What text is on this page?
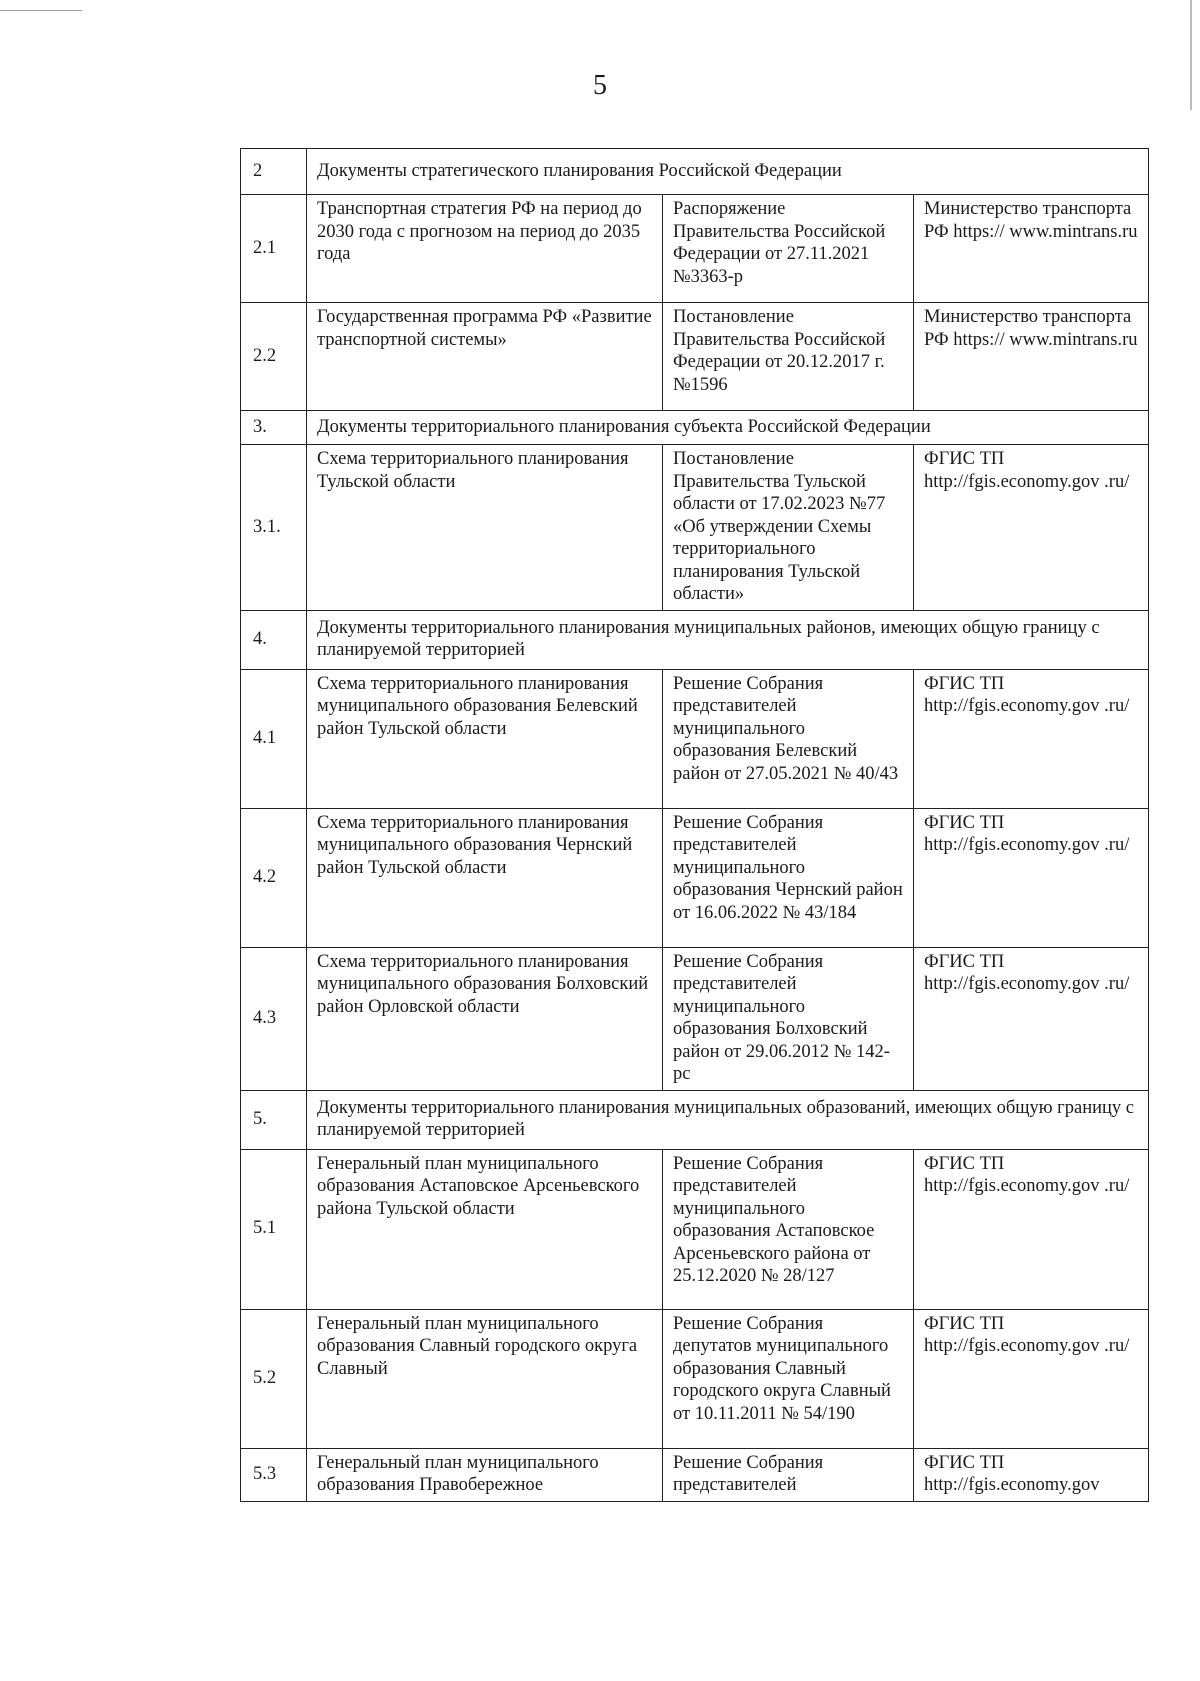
5
2	Документы стратегического планирования Российской Федерации		
2.1	Транспортная стратегия РФ на период до 2030 года с прогнозом на период до 2035 года	Распоряжение Правительства Российской Федерации от 27.11.2021 №3363-р	Министерство транспорта РФ https:// www.mintrans.ru
2.2	Государственная программа РФ «Развитие транспортной системы»	Постановление Правительства Российской Федерации от 20.12.2017 г. №1596	Министерство транспорта РФ https:// www.mintrans.ru
3.	Документы территориального планирования субъекта Российской Федерации		
3.1.	Схема территориального планирования Тульской области	Постановление Правительства Тульской области от 17.02.2023 №77 «Об утверждении Схемы территориального планирования Тульской области»	ФГИС ТП http://fgis.economy.gov .ru/
4.	Документы территориального планирования муниципальных районов, имеющих общую границу с планируемой территорией		
4.1	Схема территориального планирования муниципального образования Белевский район Тульской области	Решение Собрания представителей муниципального образования Белевский район от 27.05.2021 № 40/43	ФГИС ТП http://fgis.economy.gov .ru/
4.2	Схема территориального планирования муниципального образования Чернский район Тульской области	Решение Собрания представителей муниципального образования Чернский район от 16.06.2022 № 43/184	ФГИС ТП http://fgis.economy.gov .ru/
4.3	Схема территориального планирования муниципального образования Болховский район Орловской области	Решение Собрания представителей муниципального образования Болховский район от 29.06.2012 № 142-рс	ФГИС ТП http://fgis.economy.gov .ru/
5.	Документы территориального планирования муниципальных образований, имеющих общую границу с планируемой территорией		
5.1	Генеральный план муниципального образования Астаповское Арсеньевского района Тульской области	Решение Собрания представителей муниципального образования Астаповское Арсеньевского района от 25.12.2020 № 28/127	ФГИС ТП http://fgis.economy.gov .ru/
5.2	Генеральный план муниципального образования Славный городского округа Славный	Решение Собрания депутатов муниципального образования Славный городского округа Славный от 10.11.2011 № 54/190	ФГИС ТП http://fgis.economy.gov .ru/
5.3	Генеральный план муниципального образования Правобережное	Решение Собрания представителей	ФГИС ТП http://fgis.economy.gov
